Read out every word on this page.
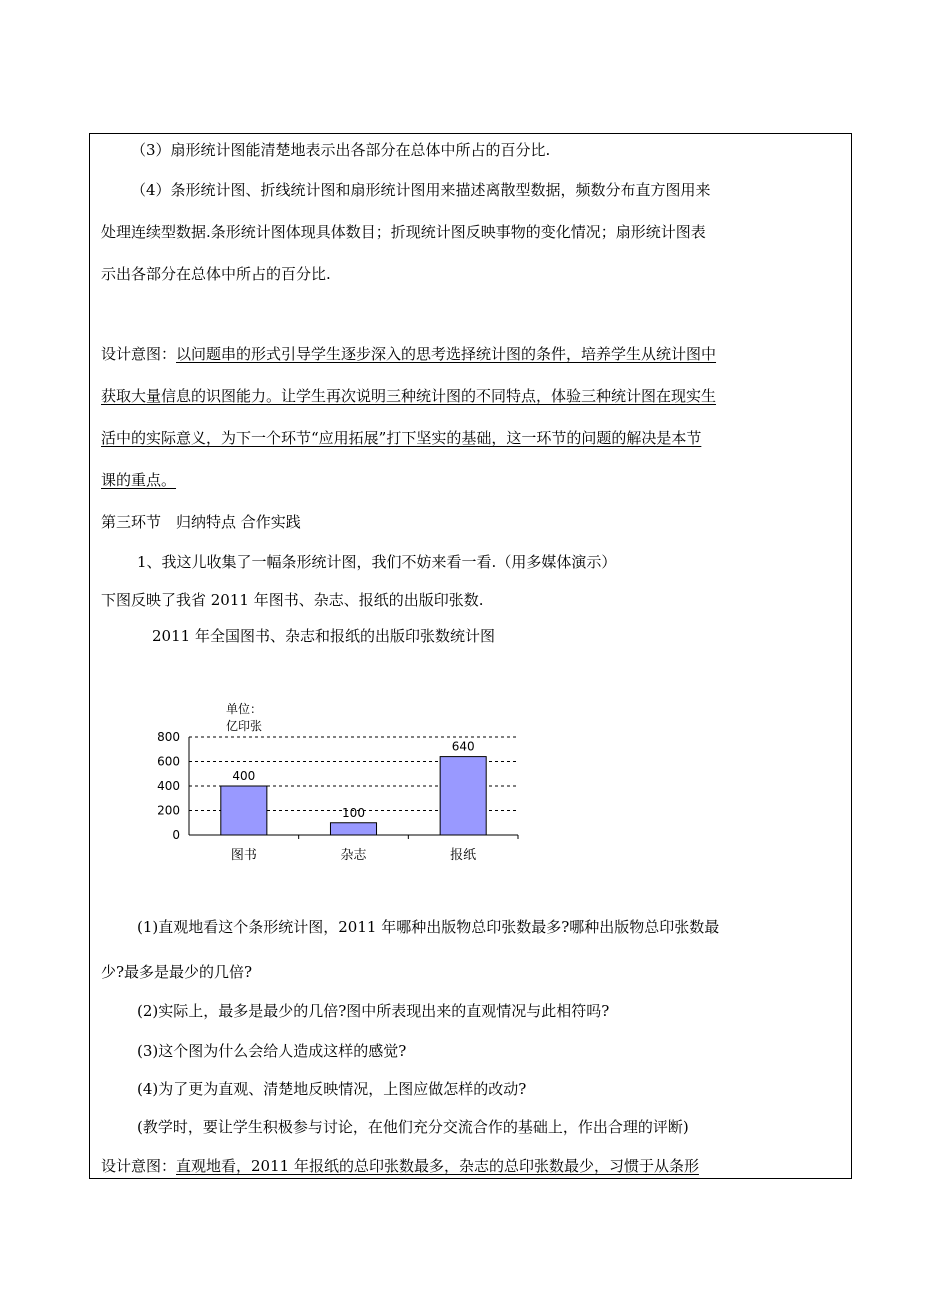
（3）扇形统计图能清楚地表示出各部分在总体中所占的百分比.
（4）条形统计图、折线统计图和扇形统计图用来描述离散型数据，频数分布直方图用来
处理连续型数据.条形统计图体现具体数目；折现统计图反映事物的变化情况；扇形统计图表
示出各部分在总体中所占的百分比.
设计意图：以问题串的形式引导学生逐步深入的思考选择统计图的条件，培养学生从统计图中
获取大量信息的识图能力。让学生再次说明三种统计图的不同特点，体验三种统计图在现实生
活中的实际意义，为下一个环节“应用拓展”打下坚实的基础，这一环节的问题的解决是本节
课的重点。
第三环节　归纳特点 合作实践
1、我这儿收集了一幅条形统计图，我们不妨来看一看.（用多媒体演示）
下图反映了我省 2011 年图书、杂志、报纸的出版印张数.
2011 年全国图书、杂志和报纸的出版印张数统计图
单位：
亿印张
0
200
400
600
800
400
图书
100
杂志
640
报纸
(1)直观地看这个条形统计图，2011 年哪种出版物总印张数最多?哪种出版物总印张数最
少?最多是最少的几倍?
(2)实际上，最多是最少的几倍?图中所表现出来的直观情况与此相符吗?
(3)这个图为什么会给人造成这样的感觉?
(4)为了更为直观、清楚地反映情况，上图应做怎样的改动?
(教学时，要让学生积极参与讨论，在他们充分交流合作的基础上，作出合理的评断)
设计意图：直观地看，2011 年报纸的总印张数最多，杂志的总印张数最少，习惯于从条形
